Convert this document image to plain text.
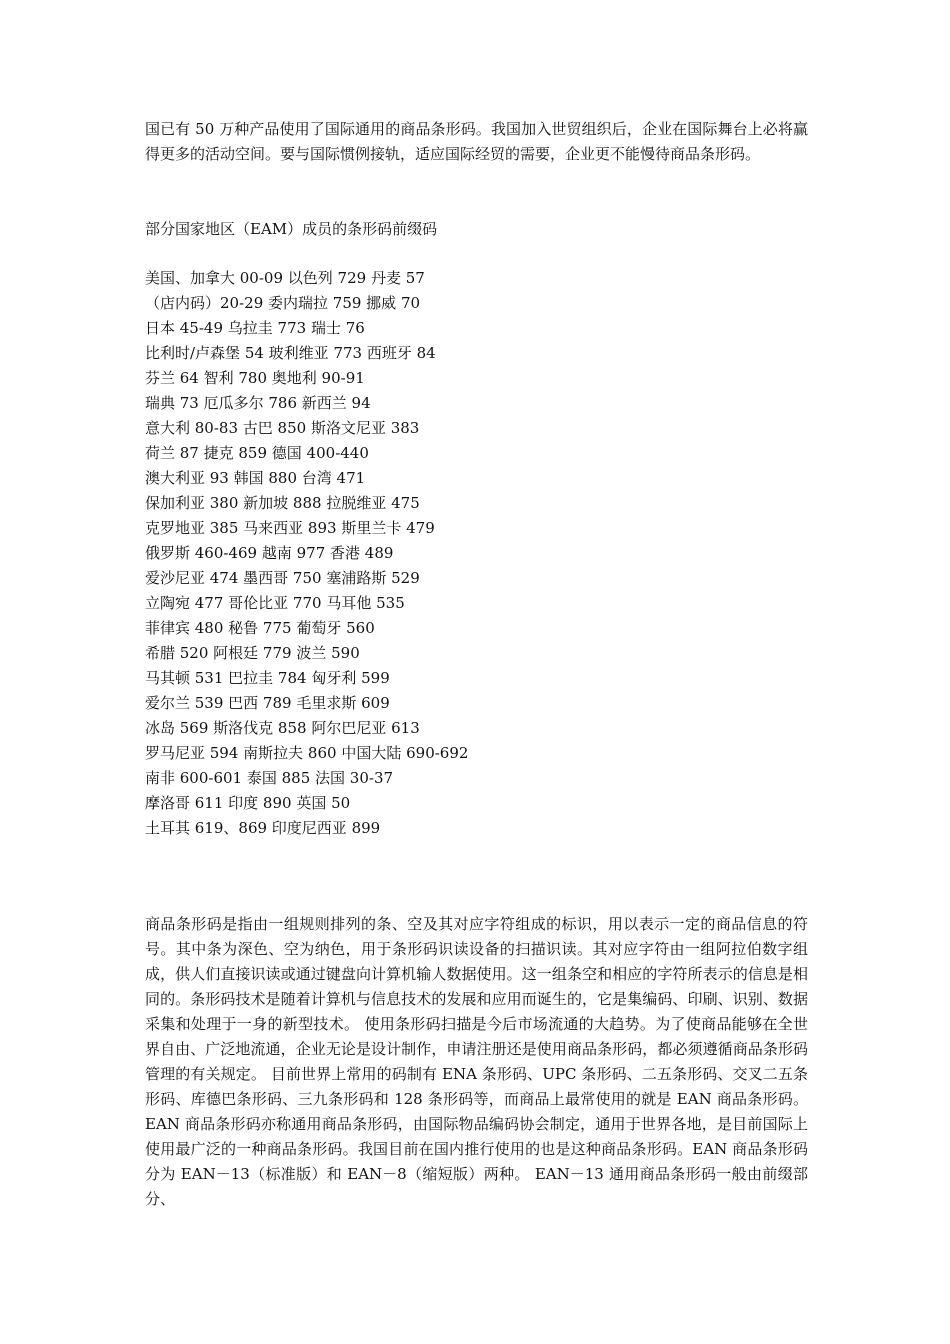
国已有 50 万种产品使用了国际通用的商品条形码。我国加入世贸组织后，企业在国际舞台上必将赢得更多的活动空间。要与国际惯例接轨，适应国际经贸的需要，企业更不能慢待商品条形码。

部分国家地区（EAM）成员的条形码前缀码

美国、加拿大 00-09 以色列 729 丹麦 57

（店内码）20-29 委内瑞拉 759 挪威 70

日本 45-49 乌拉圭 773 瑞士 76

比利时/卢森堡 54 玻利维亚 773 西班牙 84

芬兰 64 智利 780 奥地利 90-91

瑞典 73 厄瓜多尔 786 新西兰 94

意大利 80-83 古巴 850 斯洛文尼亚 383

荷兰 87 捷克 859 德国 400-440

澳大利亚 93 韩国 880 台湾 471

保加利亚 380 新加坡 888 拉脱维亚 475

克罗地亚 385 马来西亚 893 斯里兰卡 479

俄罗斯 460-469 越南 977 香港 489

爱沙尼亚 474 墨西哥 750 塞浦路斯 529

立陶宛 477 哥伦比亚 770 马耳他 535

菲律宾 480 秘鲁 775 葡萄牙 560

希腊 520 阿根廷 779 波兰 590

马其顿 531 巴拉圭 784 匈牙利 599

爱尔兰 539 巴西 789 毛里求斯 609

冰岛 569 斯洛伐克 858 阿尔巴尼亚 613

罗马尼亚 594 南斯拉夫 860 中国大陆 690-692

南非 600-601 泰国 885 法国 30-37

摩洛哥 611 印度 890 英国 50

土耳其 619、869 印度尼西亚 899

商品条形码是指由一组规则排列的条、空及其对应字符组成的标识，用以表示一定的商品信息的符号。其中条为深色、空为纳色，用于条形码识读设备的扫描识读。其对应字符由一组阿拉伯数字组成，供人们直接识读或通过键盘向计算机输人数据使用。这一组条空和相应的字符所表示的信息是相同的。条形码技术是随着计算机与信息技术的发展和应用而诞生的，它是集编码、印刷、识别、数据采集和处理于一身的新型技术。 使用条形码扫描是今后市场流通的大趋势。为了使商品能够在全世界自由、广泛地流通，企业无论是设计制作，申请注册还是使用商品条形码，都必须遵循商品条形码管理的有关规定。 目前世界上常用的码制有 ENA 条形码、UPC 条形码、二五条形码、交叉二五条形码、库德巴条形码、三九条形码和 128 条形码等，而商品上最常使用的就是 EAN 商品条形码。 EAN 商品条形码亦称通用商品条形码，由国际物品编码协会制定，通用于世界各地，是目前国际上使用最广泛的一种商品条形码。我国目前在国内推行使用的也是这种商品条形码。EAN 商品条形码分为 EAN－13（标准版）和 EAN－8（缩短版）两种。 EAN－13 通用商品条形码一般由前缀部分、
